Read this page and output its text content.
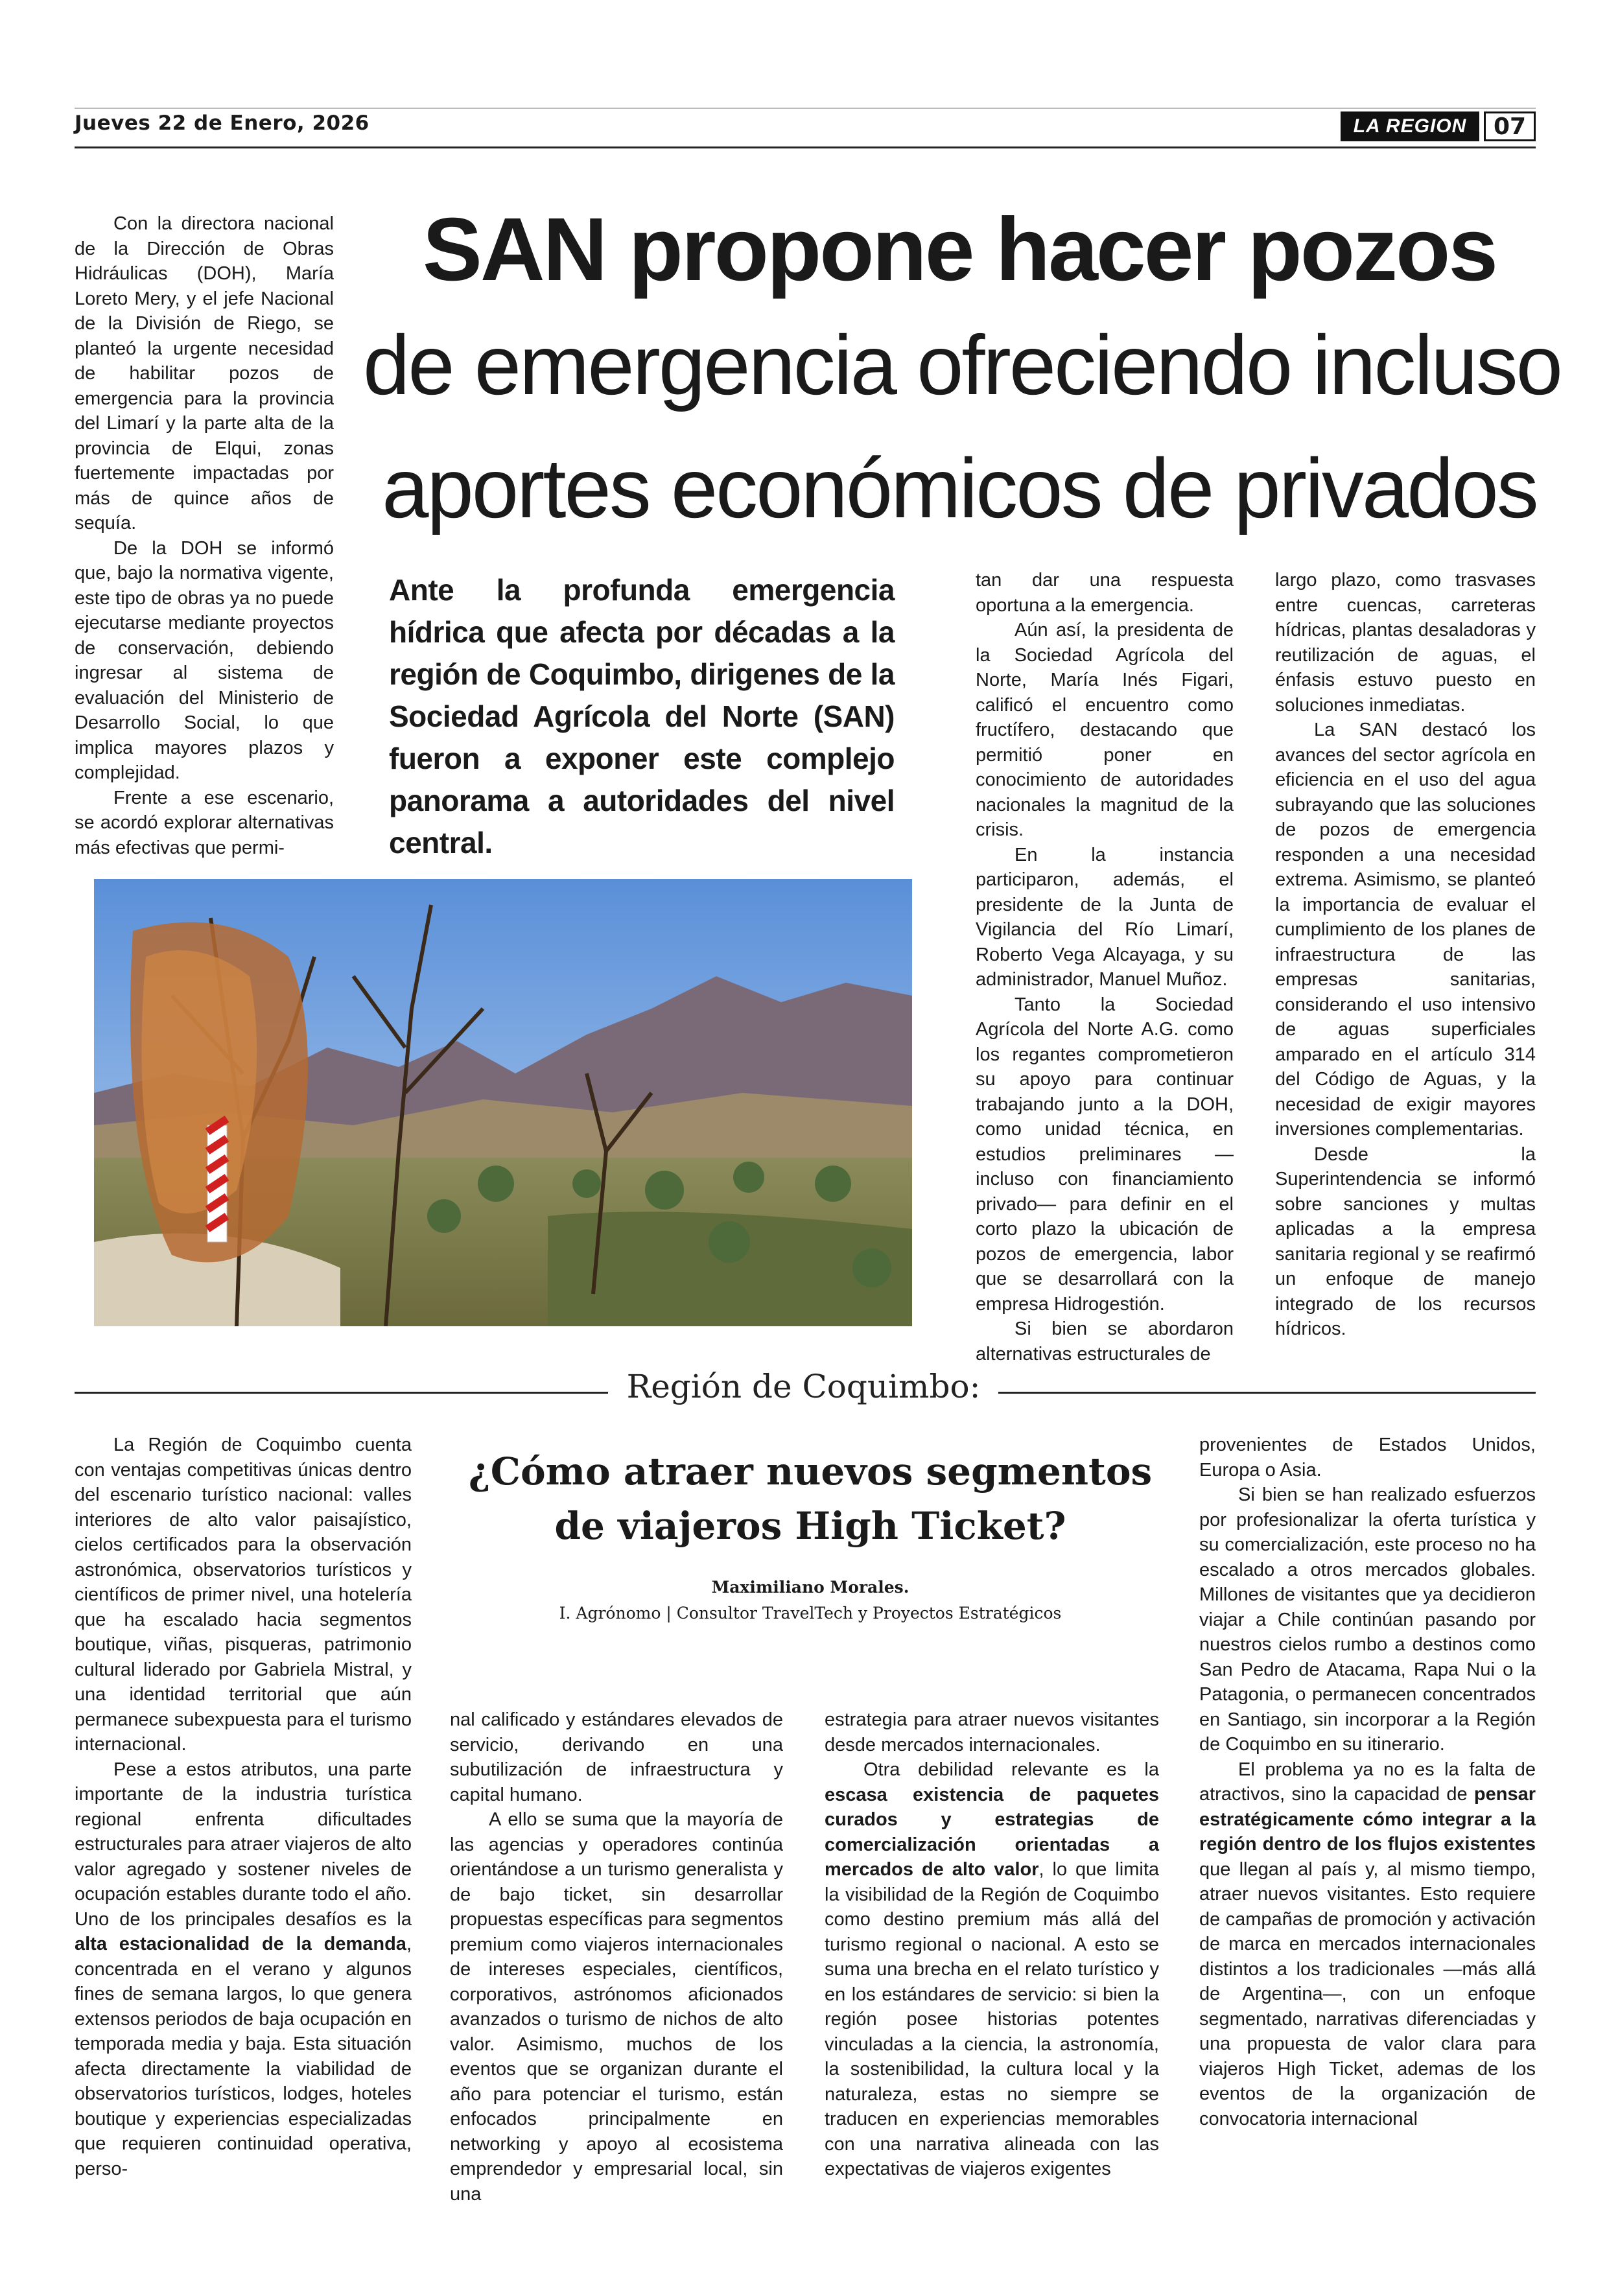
Jueves 22 de Enero, 2026	LA REGION	07
SAN propone hacer pozos
de emergencia ofreciendo incluso
aportes económicos de privados

Con la directora nacional de la Dirección de Obras Hidráulicas (DOH), María Loreto Mery, y el jefe Nacional de la División de Riego, se planteó la urgente necesidad de habilitar pozos de emergencia para la provincia del Limarí y la parte alta de la provincia de Elqui, zonas fuertemente impactadas por más de quince años de sequía.

De la DOH se informó que, bajo la normativa vigente, este tipo de obras ya no puede ejecutarse mediante proyectos de conservación, debiendo ingresar al sistema de evaluación del Ministerio de Desarrollo Social, lo que implica mayores plazos y complejidad.

Frente a ese escenario, se acordó explorar alternativas más efectivas que permi-

Ante la profunda emergencia hídrica que afecta por décadas a la región de Coquimbo, dirigenes de la Sociedad Agrícola del Norte (SAN) fueron a exponer este complejo panorama a autoridades del nivel central.

tan dar una respuesta oportuna a la emergencia.

Aún así, la presidenta de la Sociedad Agrícola del Norte, María Inés Figari, calificó el encuentro como fructífero, destacando que permitió poner en conocimiento de autoridades nacionales la magnitud de la crisis.

En la instancia participaron, además, el presidente de la Junta de Vigilancia del Río Limarí, Roberto Vega Alcayaga, y su administrador, Manuel Muñoz.

Tanto la Sociedad Agrícola del Norte A.G. como los regantes comprometieron su apoyo para continuar trabajando junto a la DOH, como unidad técnica, en estudios preliminares —incluso con financiamiento privado— para definir en el corto plazo la ubicación de pozos de emergencia, labor que se desarrollará con la empresa Hidrogestión.

Si bien se abordaron alternativas estructurales de

largo plazo, como trasvases entre cuencas, carreteras hídricas, plantas desaladoras y reutilización de aguas, el énfasis estuvo puesto en soluciones inmediatas.

La SAN destacó los avances del sector agrícola en eficiencia en el uso del agua subrayando que las soluciones de pozos de emergencia responden a una necesidad extrema. Asimismo, se planteó la importancia de evaluar el cumplimiento de los planes de infraestructura de las empresas sanitarias, considerando el uso intensivo de aguas superficiales amparado en el artículo 314 del Código de Aguas, y la necesidad de exigir mayores inversiones complementarias.

Desde la Superintendencia se informó sobre sanciones y multas aplicadas a la empresa sanitaria regional y se reafirmó un enfoque de manejo integrado de los recursos hídricos.

Región de Coquimbo:
¿Cómo atraer nuevos segmentos
de viajeros High Ticket?
Maximiliano Morales.
I. Agrónomo | Consultor TravelTech y Proyectos Estratégicos

La Región de Coquimbo cuenta con ventajas competitivas únicas dentro del escenario turístico nacional: valles interiores de alto valor paisajístico, cielos certificados para la observación astronómica, observatorios turísticos y científicos de primer nivel, una hotelería que ha escalado hacia segmentos boutique, viñas, pisqueras, patrimonio cultural liderado por Gabriela Mistral, y una identidad territorial que aún permanece subexpuesta para el turismo internacional.

Pese a estos atributos, una parte importante de la industria turística regional enfrenta dificultades estructurales para atraer viajeros de alto valor agregado y sostener niveles de ocupación estables durante todo el año. Uno de los principales desafíos es la alta estacionalidad de la demanda, concentrada en el verano y algunos fines de semana largos, lo que genera extensos periodos de baja ocupación en temporada media y baja. Esta situación afecta directamente la viabilidad de observatorios turísticos, lodges, hoteles boutique y experiencias especializadas que requieren continuidad operativa, perso-

nal calificado y estándares elevados de servicio, derivando en una subutilización de infraestructura y capital humano.

A ello se suma que la mayoría de las agencias y operadores continúa orientándose a un turismo generalista y de bajo ticket, sin desarrollar propuestas específicas para segmentos premium como viajeros internacionales de intereses especiales, científicos, corporativos, astrónomos aficionados avanzados o turismo de nichos de alto valor. Asimismo, muchos de los eventos que se organizan durante el año para potenciar el turismo, están enfocados principalmente en networking y apoyo al ecosistema emprendedor y empresarial local, sin una

estrategia para atraer nuevos visitantes desde mercados internacionales.

Otra debilidad relevante es la escasa existencia de paquetes curados y estrategias de comercialización orientadas a mercados de alto valor, lo que limita la visibilidad de la Región de Coquimbo como destino premium más allá del turismo regional o nacional. A esto se suma una brecha en el relato turístico y en los estándares de servicio: si bien la región posee historias potentes vinculadas a la ciencia, la astronomía, la sostenibilidad, la cultura local y la naturaleza, estas no siempre se traducen en experiencias memorables con una narrativa alineada con las expectativas de viajeros exigentes

provenientes de Estados Unidos, Europa o Asia.

Si bien se han realizado esfuerzos por profesionalizar la oferta turística y su comercialización, este proceso no ha escalado a otros mercados globales. Millones de visitantes que ya decidieron viajar a Chile continúan pasando por nuestros cielos rumbo a destinos como San Pedro de Atacama, Rapa Nui o la Patagonia, o permanecen concentrados en Santiago, sin incorporar a la Región de Coquimbo en su itinerario.

El problema ya no es la falta de atractivos, sino la capacidad de pensar estratégicamente cómo integrar a la región dentro de los flujos existentes que llegan al país y, al mismo tiempo, atraer nuevos visitantes. Esto requiere de campañas de promoción y activación de marca en mercados internacionales distintos a los tradicionales —más allá de Argentina—, con un enfoque segmentado, narrativas diferenciadas y una propuesta de valor clara para viajeros High Ticket, ademas de los eventos de la organización de convocatoria internacional
